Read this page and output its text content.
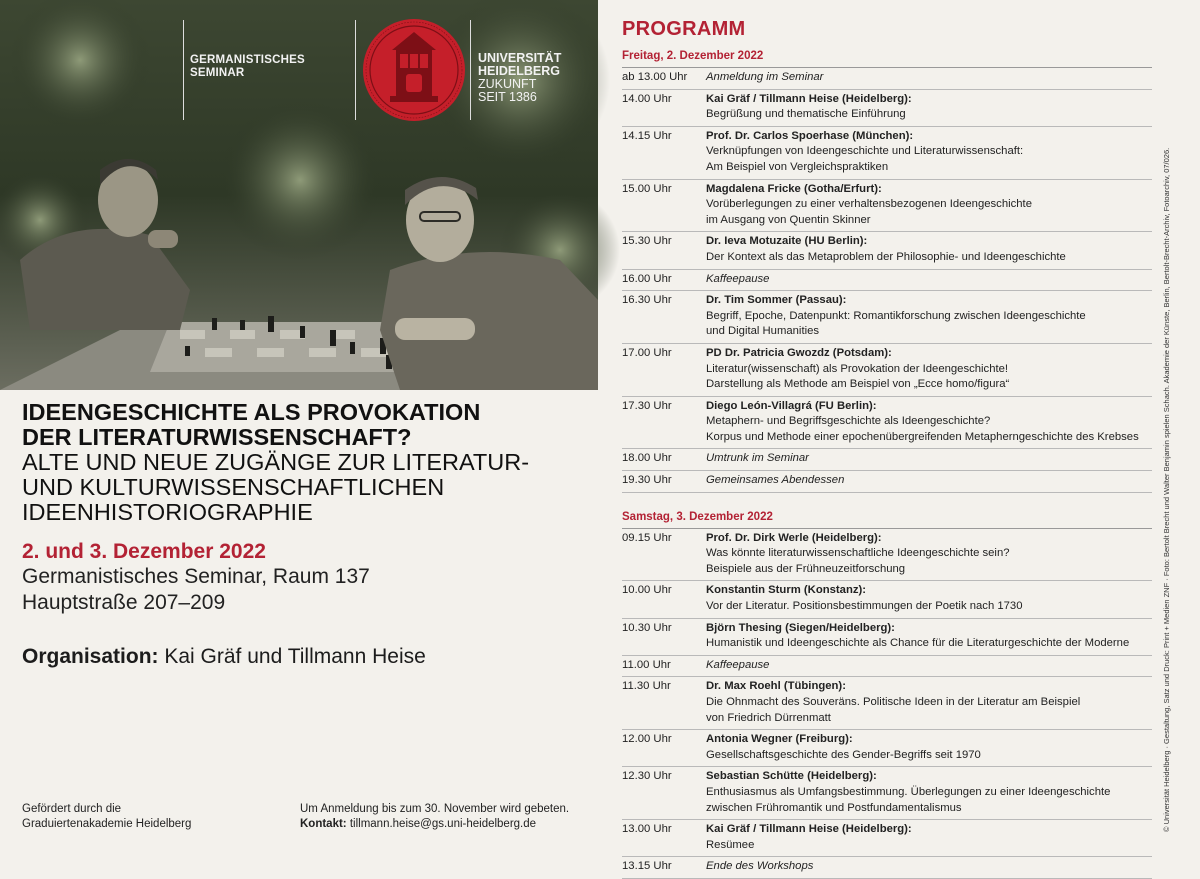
GERMANISTISCHES
SEMINAR
UNIVERSITÄT
HEIDELBERG
ZUKUNFT
SEIT 1386
IDEENGESCHICHTE ALS PROVOKATION
DER LITERATURWISSENSCHAFT?
ALTE UND NEUE ZUGÄNGE ZUR LITERATUR-
UND KULTURWISSENSCHAFTLICHEN
IDEENHISTORIOGRAPHIE
2. und 3. Dezember 2022
Germanistisches Seminar, Raum 137
Hauptstraße 207–209
Organisation: Kai Gräf und Tillmann Heise
Gefördert durch die
Graduiertenakademie Heidelberg
Um Anmeldung bis zum 30. November wird gebeten.
Kontakt: tillmann.heise@gs.uni-heidelberg.de
PROGRAMM
Freitag, 2. Dezember 2022
ab 13.00 Uhr	Anmeldung im Seminar
14.00 Uhr	Kai Gräf / Tillmann Heise (Heidelberg):
Begrüßung und thematische Einführung
14.15 Uhr	Prof. Dr. Carlos Spoerhase (München):
Verknüpfungen von Ideengeschichte und Literaturwissenschaft:
Am Beispiel von Vergleichspraktiken
15.00 Uhr	Magdalena Fricke (Gotha/Erfurt):
Vorüberlegungen zu einer verhaltensbezogenen Ideengeschichte
im Ausgang von Quentin Skinner
15.30 Uhr	Dr. Ieva Motuzaite (HU Berlin):
Der Kontext als das Metaproblem der Philosophie- und Ideengeschichte
16.00 Uhr	Kaffeepause
16.30 Uhr	Dr. Tim Sommer (Passau):
Begriff, Epoche, Datenpunkt: Romantikforschung zwischen Ideengeschichte
und Digital Humanities
17.00 Uhr	PD Dr. Patricia Gwozdz (Potsdam):
Literatur(wissenschaft) als Provokation der Ideengeschichte!
Darstellung als Methode am Beispiel von „Ecce homo/figura“
17.30 Uhr	Diego León-Villagrá (FU Berlin):
Metaphern- und Begriffsgeschichte als Ideengeschichte?
Korpus und Methode einer epochenübergreifenden Metapherngeschichte des Krebses
18.00 Uhr	Umtrunk im Seminar
19.30 Uhr	Gemeinsames Abendessen
Samstag, 3. Dezember 2022
09.15 Uhr	Prof. Dr. Dirk Werle (Heidelberg):
Was könnte literaturwissenschaftliche Ideengeschichte sein?
Beispiele aus der Frühneuzeitforschung
10.00 Uhr	Konstantin Sturm (Konstanz):
Vor der Literatur. Positionsbestimmungen der Poetik nach 1730
10.30 Uhr	Björn Thesing (Siegen/Heidelberg):
Humanistik und Ideengeschichte als Chance für die Literaturgeschichte der Moderne
11.00 Uhr	Kaffeepause
11.30 Uhr	Dr. Max Roehl (Tübingen):
Die Ohnmacht des Souveräns. Politische Ideen in der Literatur am Beispiel
von Friedrich Dürrenmatt
12.00 Uhr	Antonia Wegner (Freiburg):
Gesellschaftsgeschichte des Gender-Begriffs seit 1970
12.30 Uhr	Sebastian Schütte (Heidelberg):
Enthusiasmus als Umfangsbestimmung. Überlegungen zu einer Ideengeschichte
zwischen Frühromantik und Postfundamentalismus
13.00 Uhr	Kai Gräf / Tillmann Heise (Heidelberg):
Resümee
13.15 Uhr	Ende des Workshops
© Universität Heidelberg · Gestaltung, Satz und Druck: Print + Medien ZNF · Foto: Bertolt Brecht und Walter Benjamin spielen Schach. Akademie der Künste, Berlin, Bertolt-Brecht-Archiv, Fotoarchiv, 07/026.
